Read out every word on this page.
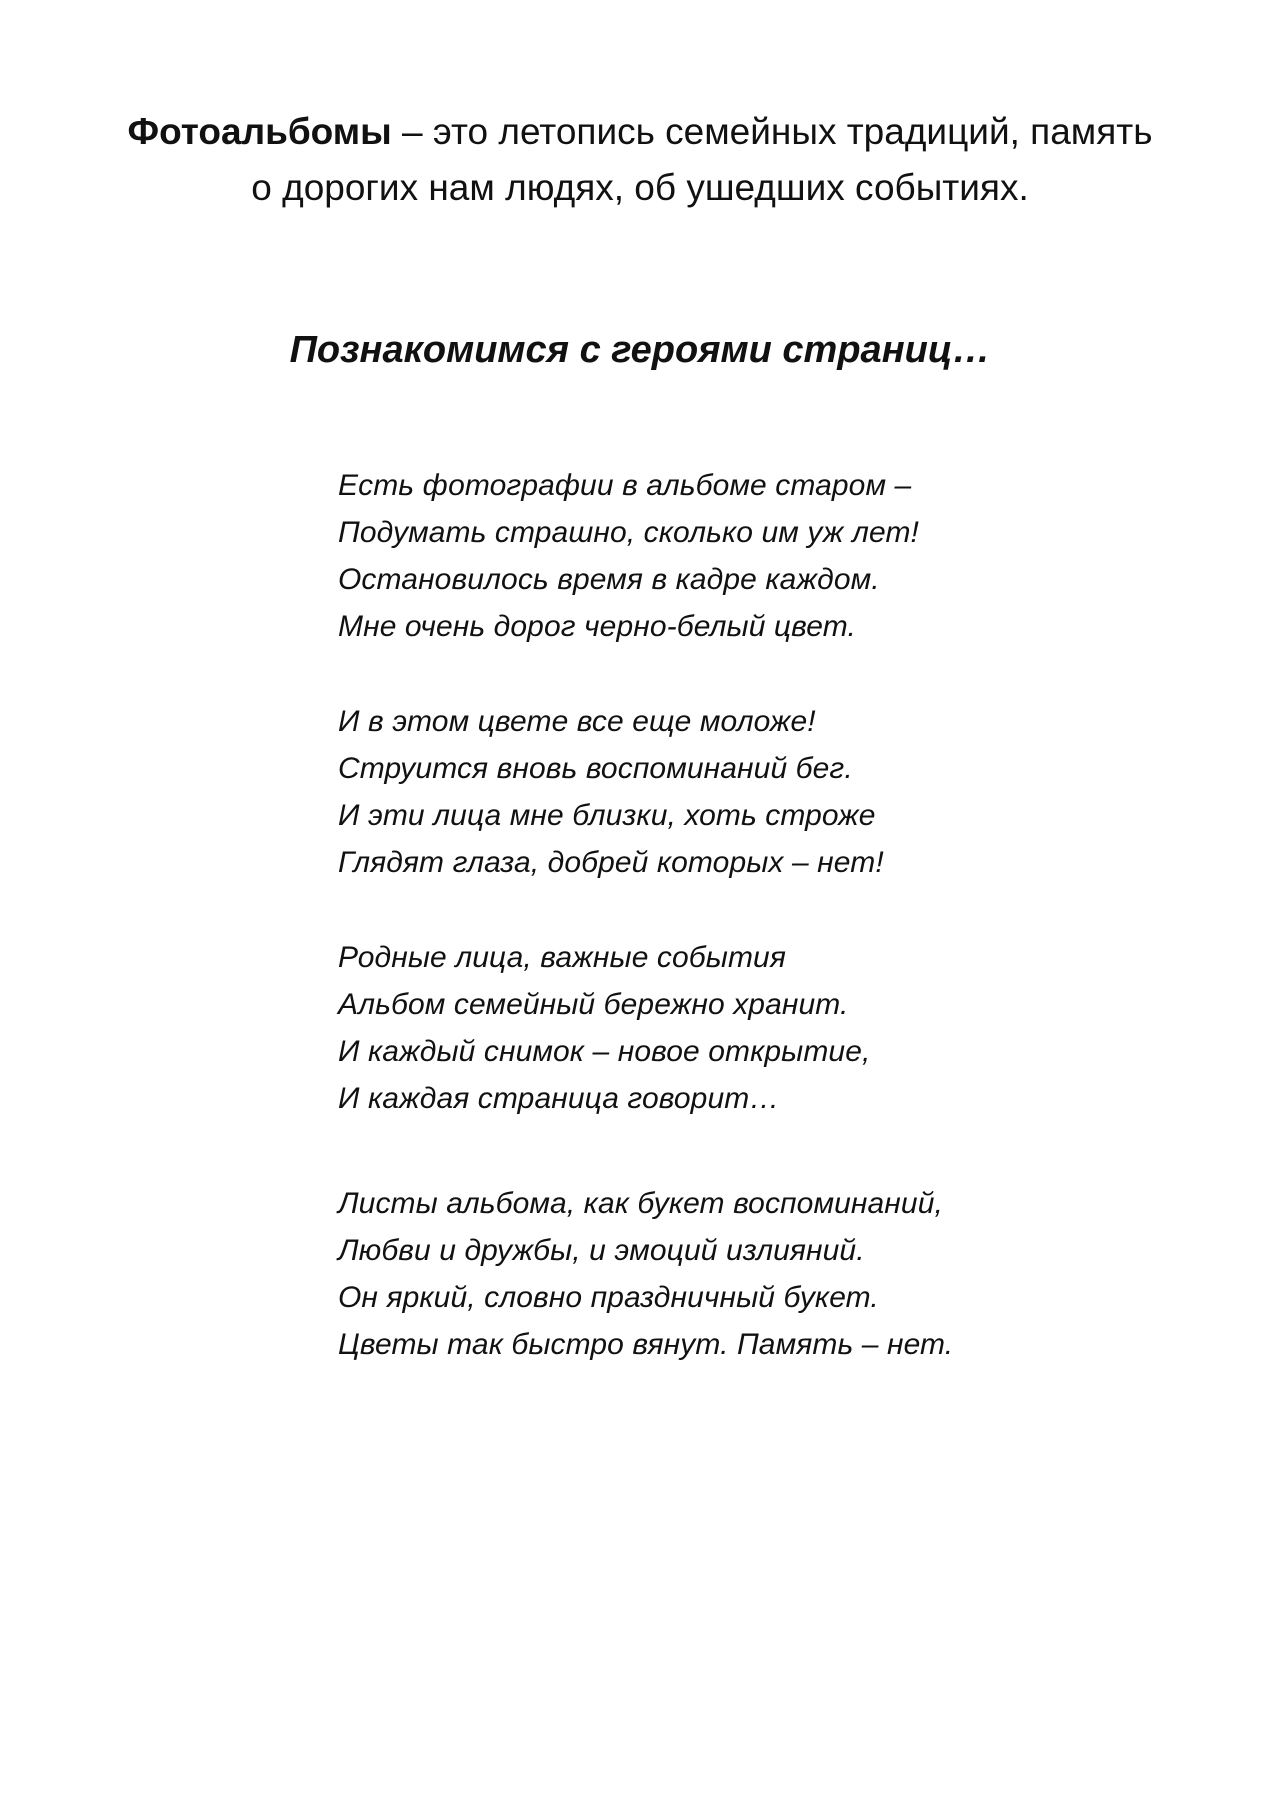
Фотоальбомы – это летопись семейных традиций, память
о дорогих нам людях, об ушедших событиях.
Познакомимся с героями страниц…
Есть фотографии в альбоме старом –
Подумать страшно, сколько им уж лет!
Остановилось время в кадре каждом.
Мне очень дорог черно-белый цвет.
И в этом цвете все еще моложе!
Струится вновь воспоминаний бег.
И эти лица мне близки, хоть строже
Глядят глаза, добрей которых – нет!
Родные лица, важные события
Альбом семейный бережно хранит.
И каждый снимок – новое открытие,
И каждая страница говорит…
Листы альбома, как букет воспоминаний,
Любви и дружбы, и эмоций излияний.
Он яркий, словно праздничный букет.
Цветы так быстро вянут. Память – нет.
